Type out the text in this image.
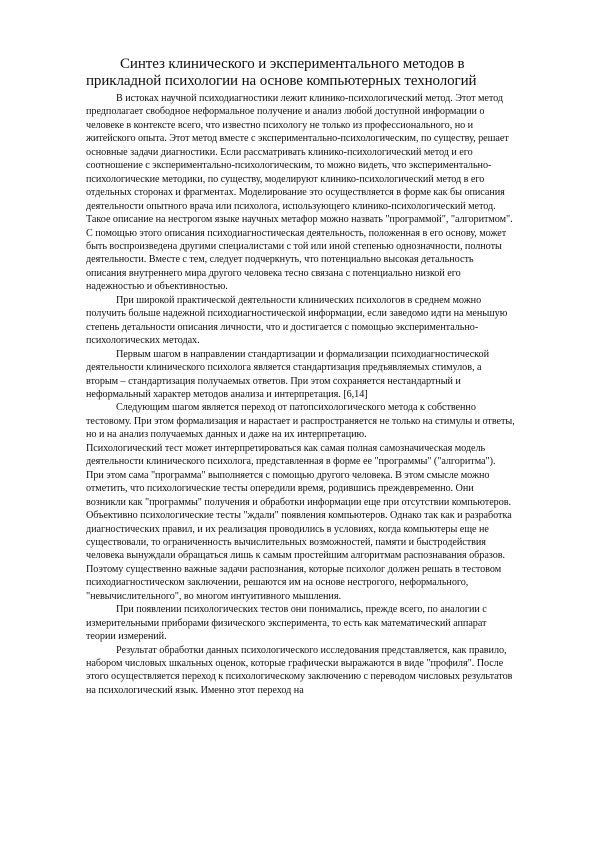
Синтез клинического и экспериментального методов в
прикладной психологии на основе компьютерных технологий

В истоках научной психодиагностики лежит клинико-психологический метод. Этот метод предполагает свободное неформальное получение и анализ любой доступной информации о человеке в контексте всего, что известно психологу не только из профессионального, но и житейского опыта. Этот метод вместе с экспериментально-психологическим, по существу, решает основные задачи диагностики. Если рассматривать клинико-психологический метод и его соотношение с экспериментально-психологическим, то можно видеть, что экспериментально-психологические методики, по существу, моделируют клинико-психологический метод в его отдельных сторонах и фрагментах. Моделирование это осуществляется в форме как бы описания деятельности опытного врача или психолога, использующего клинико-психологический метод. Такое описание на нестрогом языке научных метафор можно назвать "программой", "алгоритмом". С помощью этого описания психодиагностическая деятельность, положенная в его основу, может быть воспроизведена другими специалистами с той или иной степенью однозначности, полноты деятельности. Вместе с тем, следует подчеркнуть, что потенциально высокая детальность описания внутреннего мира другого человека тесно связана с потенциально низкой его надежностью и объективностью.

При широкой практической деятельности клинических психологов в среднем можно получить больше надежной психодиагностической информации, если заведомо идти на меньшую степень детальности описания личности, что и достигается с помощью экспериментально-психологических методах.

Первым шагом в направлении стандартизации и формализации психодиагностической деятельности клинического психолога является стандартизация предъявляемых стимулов, а вторым – стандартизация получаемых ответов. При этом сохраняется нестандартный и неформальный характер методов анализа и интерпретация. [6,14]

Следующим шагом является переход от патопсихологического метода к собственно тестовому. При этом формализация и нарастает и распространяется не только на стимулы и ответы, но и на анализ получаемых данных и даже на их интерпретацию.

Психологический тест может интерпретироваться как самая полная самозначическая модель деятельности клинического психолога, представленная в форме ее "программы" ("алгоритма"). При этом сама "программа" выполняется с помощью другого человека. В этом смысле можно отметить, что психологические тесты опередили время, родившись преждевременно. Они возникли как "программы" получения и обработки информации еще при отсутствии компьютеров. Объективно психологические тесты "ждали" появления компьютеров. Однако так как и разработка диагностических правил, и их реализация проводились в условиях, когда компьютеры еще не существовали, то ограниченность вычислительных возможностей, памяти и быстродействия человека вынуждали обращаться лишь к самым простейшим алгоритмам распознавания образов. Поэтому существенно важные задачи распознания, которые психолог должен решать в тестовом психодиагностическом заключении, решаются им на основе нестрогого, неформального, "невычислительного", во многом интуитивного мышления.

При появлении психологических тестов они понимались, прежде всего, по аналогии с измерительными приборами физического эксперимента, то есть как математический аппарат теории измерений.

Результат обработки данных психологического исследования представляется, как правило, набором числовых шкальных оценок, которые графически выражаются в виде "профиля". После этого осуществляется переход к психологическому заключению с переводом числовых результатов на психологический язык. Именно этот переход на
